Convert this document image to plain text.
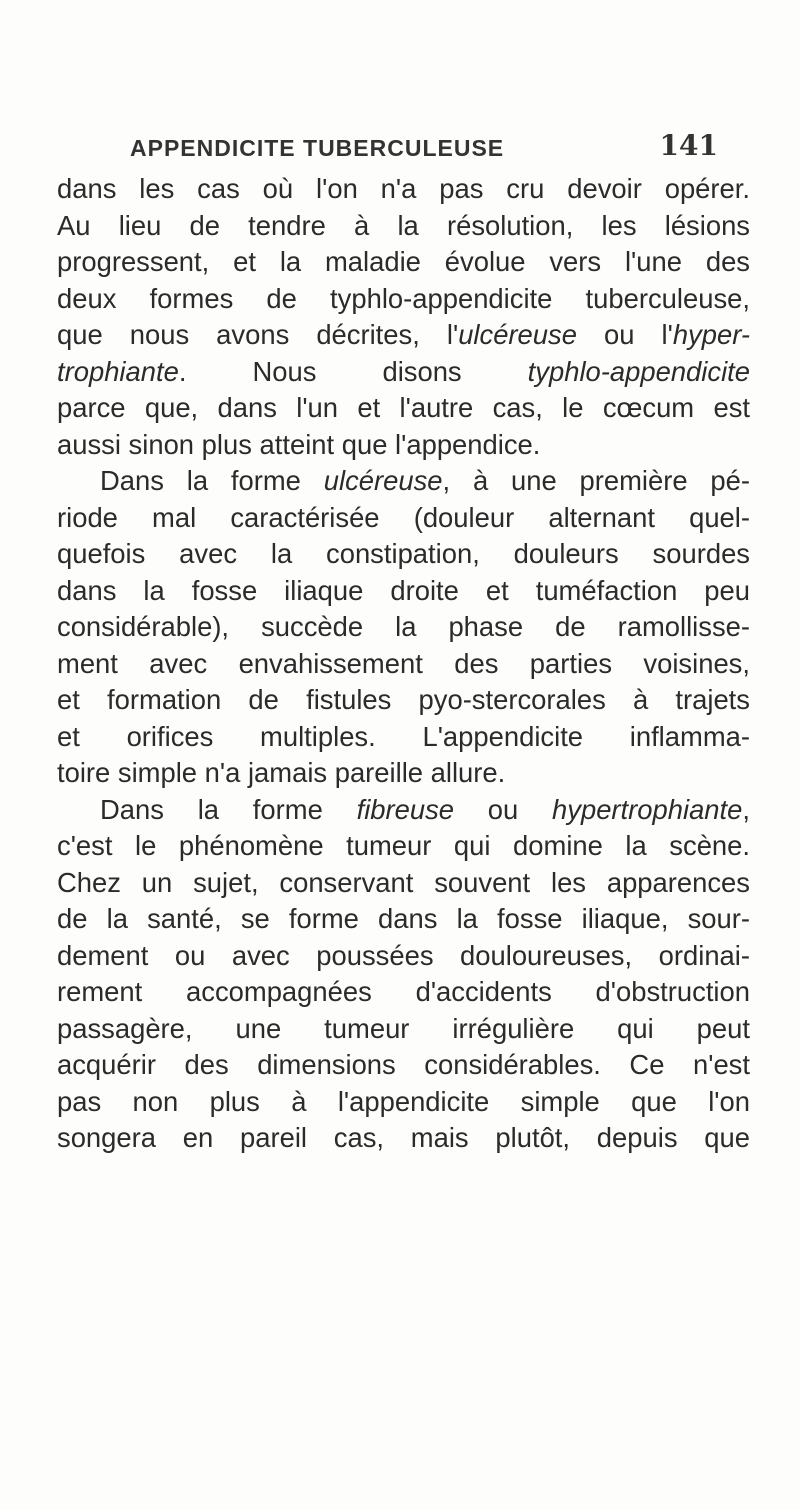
APPENDICITE TUBERCULEUSE	141
dans les cas où l'on n'a pas cru devoir opérer.
Au lieu de tendre à la résolution, les lésions
progressent, et la maladie évolue vers l'une des
deux formes de typhlo-appendicite tuberculeuse,
que nous avons décrites, l'ulcéreuse ou l'hyper-
trophiante. Nous disons typhlo-appendicite
parce que, dans l'un et l'autre cas, le cœcum est
aussi sinon plus atteint que l'appendice.
Dans la forme ulcéreuse, à une première pé-
riode mal caractérisée (douleur alternant quel-
quefois avec la constipation, douleurs sourdes
dans la fosse iliaque droite et tuméfaction peu
considérable), succède la phase de ramollisse-
ment avec envahissement des parties voisines,
et formation de fistules pyo-stercorales à trajets
et orifices multiples. L'appendicite inflamma-
toire simple n'a jamais pareille allure.
Dans la forme fibreuse ou hypertrophiante,
c'est le phénomène tumeur qui domine la scène.
Chez un sujet, conservant souvent les apparences
de la santé, se forme dans la fosse iliaque, sour-
dement ou avec poussées douloureuses, ordinai-
rement accompagnées d'accidents d'obstruction
passagère, une tumeur irrégulière qui peut
acquérir des dimensions considérables. Ce n'est
pas non plus à l'appendicite simple que l'on
songera en pareil cas, mais plutôt, depuis que
